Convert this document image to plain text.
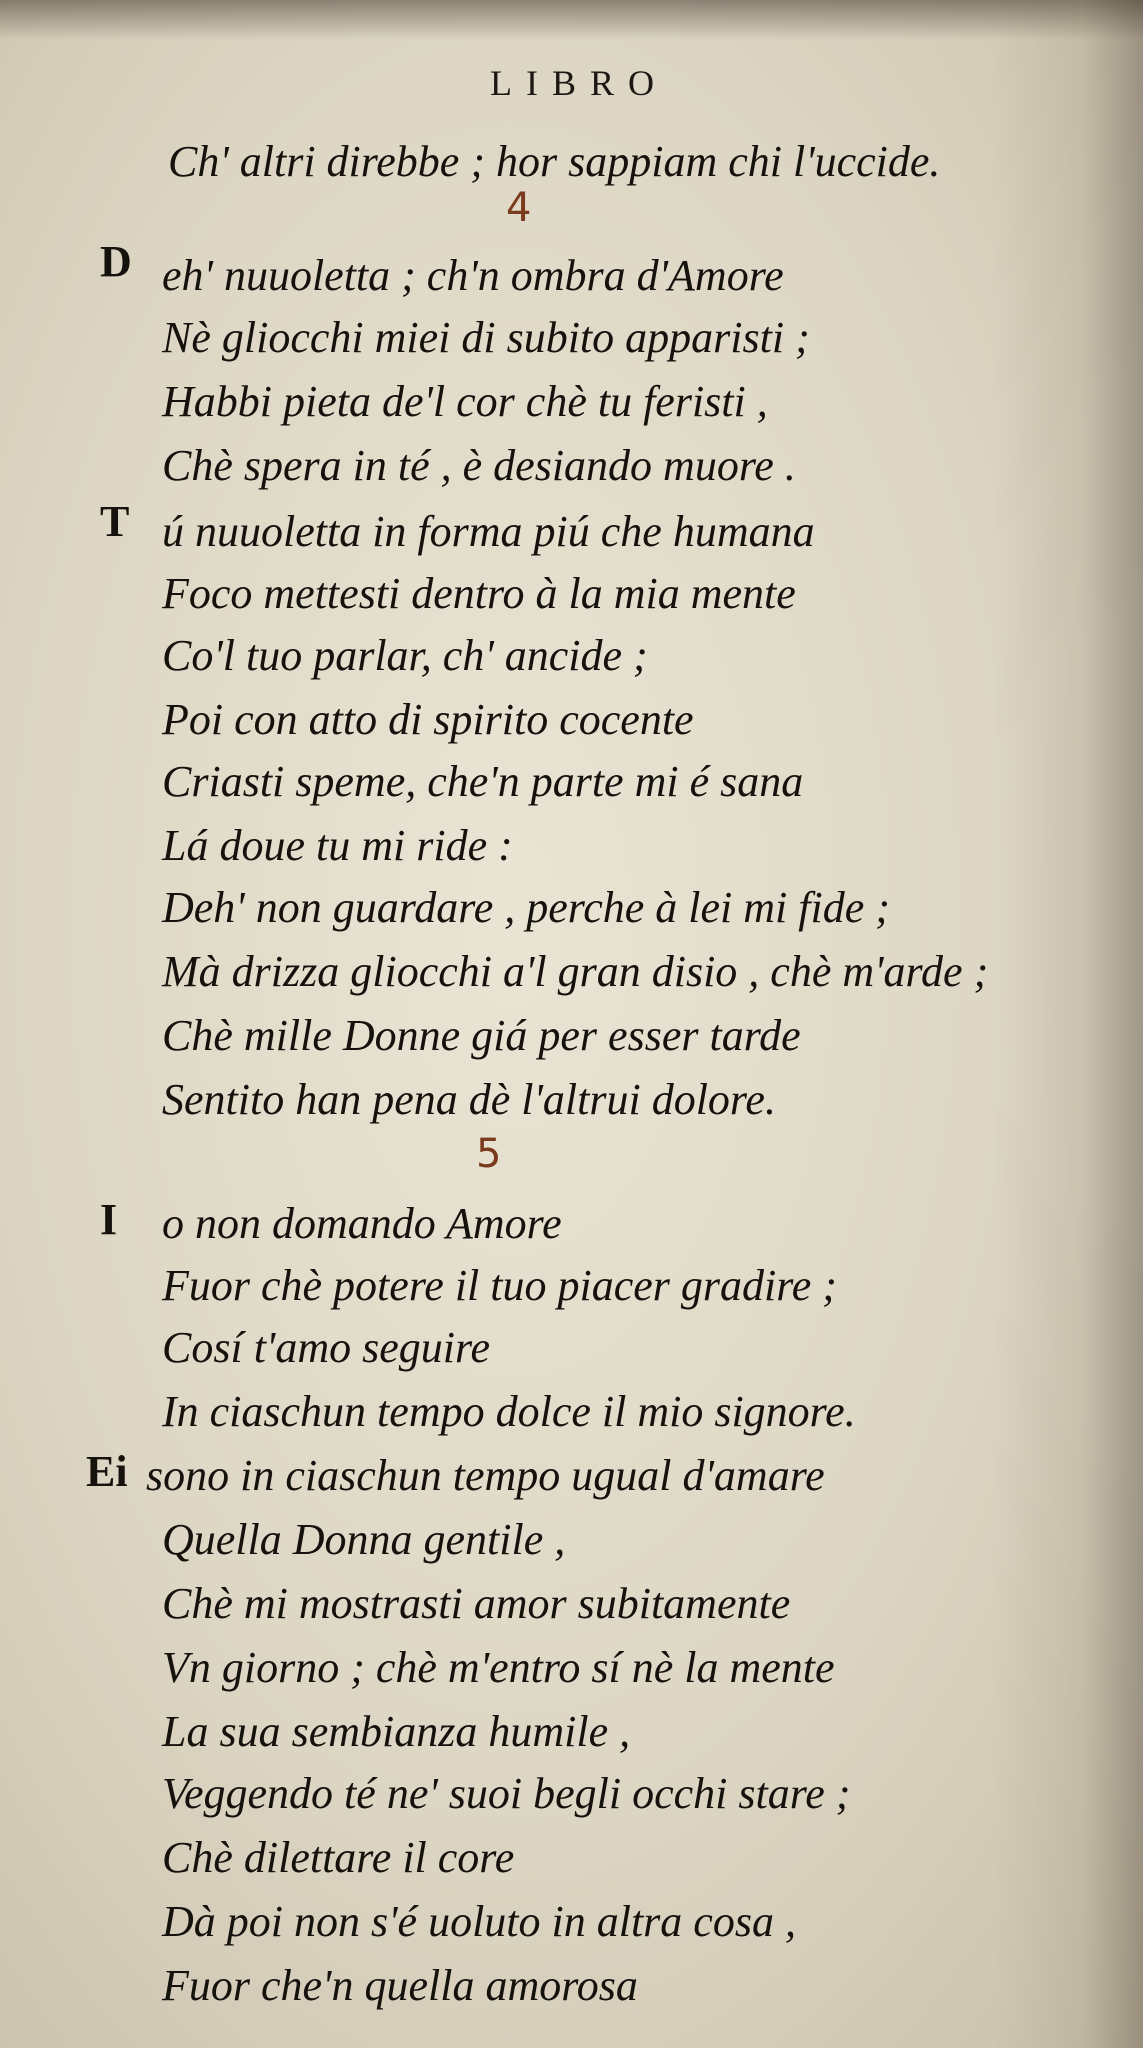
LIBRO
Ch' altri direbbe ; hor sappiam chi l'uccide.
4
D eh' nuuoletta ; ch'n ombra d'Amore
Nè gliocchi miei di subito apparisti ;
Habbi pieta de'l cor chè tu feristi ,
Chè spera in té , è desiando muore .
T ú nuuoletta in forma piú che humana
Foco mettesti dentro à la mia mente
Co'l tuo parlar, ch' ancide ;
Poi con atto di spirito cocente
Criasti speme, che'n parte mi é sana
Lá doue tu mi ride :
Deh' non guardare , perche à lei mi fide ;
Mà drizza gliocchi a'l gran disio , chè m'arde ;
Chè mille Donne giá per esser tarde
Sentito han pena dè l'altrui dolore.
5
I o non domando Amore
Fuor chè potere il tuo piacer gradire ;
Cosí t'amo seguire
In ciaschun tempo dolce il mio signore.
Ei sono in ciaschun tempo ugual d'amare
Quella Donna gentile ,
Chè mi mostrasti amor subitamente
Vn giorno ; chè m'entro sí nè la mente
La sua sembianza humile ,
Veggendo té ne' suoi begli occhi stare ;
Chè dilettare il core
Dà poi non s'é uoluto in altra cosa ,
Fuor che'n quella amorosa
